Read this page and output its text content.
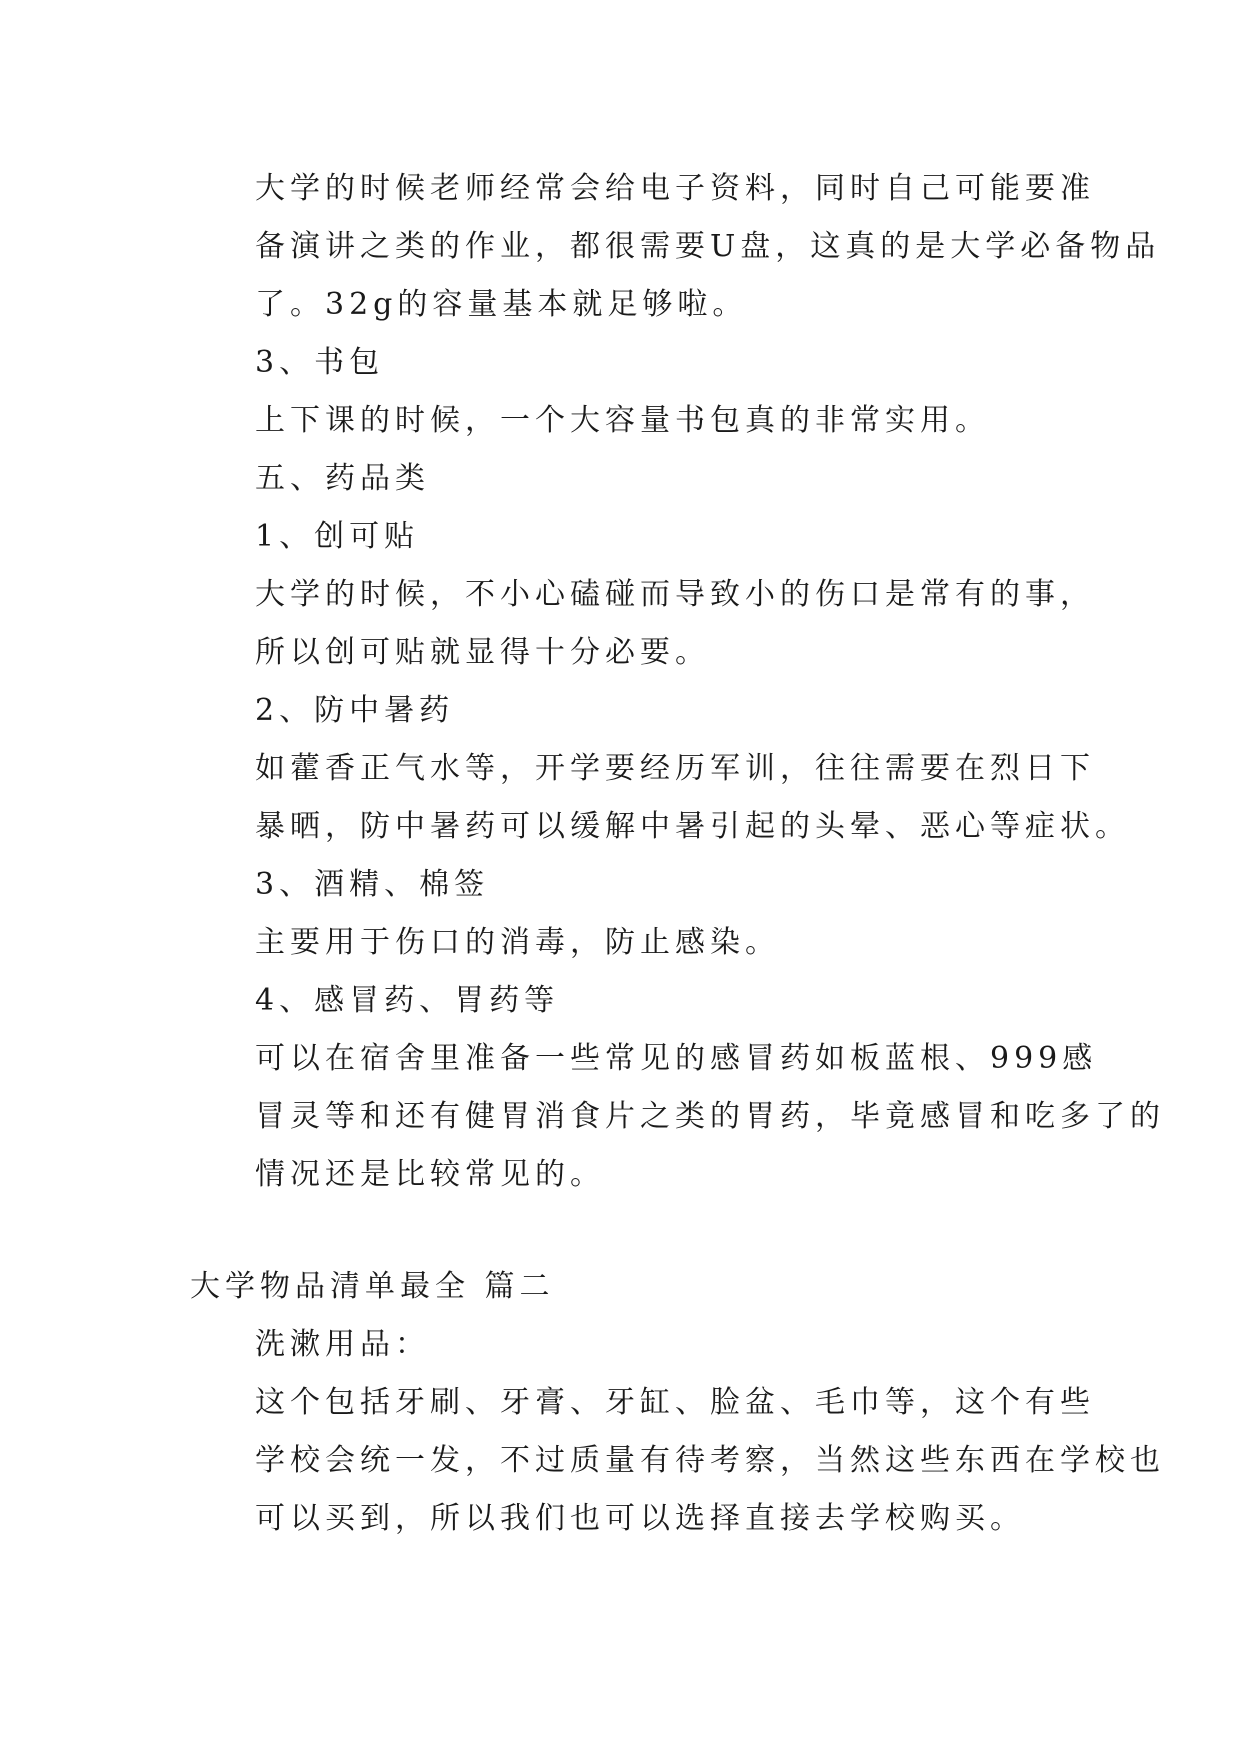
大学的时候老师经常会给电子资料，同时自己可能要准
备演讲之类的作业，都很需要U盘，这真的是大学必备物品
了。32g的容量基本就足够啦。
3、书包
上下课的时候，一个大容量书包真的非常实用。
五、药品类
1、创可贴
大学的时候，不小心磕碰而导致小的伤口是常有的事，
所以创可贴就显得十分必要。
2、防中暑药
如藿香正气水等，开学要经历军训，往往需要在烈日下
暴晒，防中暑药可以缓解中暑引起的头晕、恶心等症状。
3、酒精、棉签
主要用于伤口的消毒，防止感染。
4、感冒药、胃药等
可以在宿舍里准备一些常见的感冒药如板蓝根、999感
冒灵等和还有健胃消食片之类的胃药，毕竟感冒和吃多了的
情况还是比较常见的。
大学物品清单最全 篇二
洗漱用品：
这个包括牙刷、牙膏、牙缸、脸盆、毛巾等，这个有些
学校会统一发，不过质量有待考察，当然这些东西在学校也
可以买到，所以我们也可以选择直接去学校购买。
